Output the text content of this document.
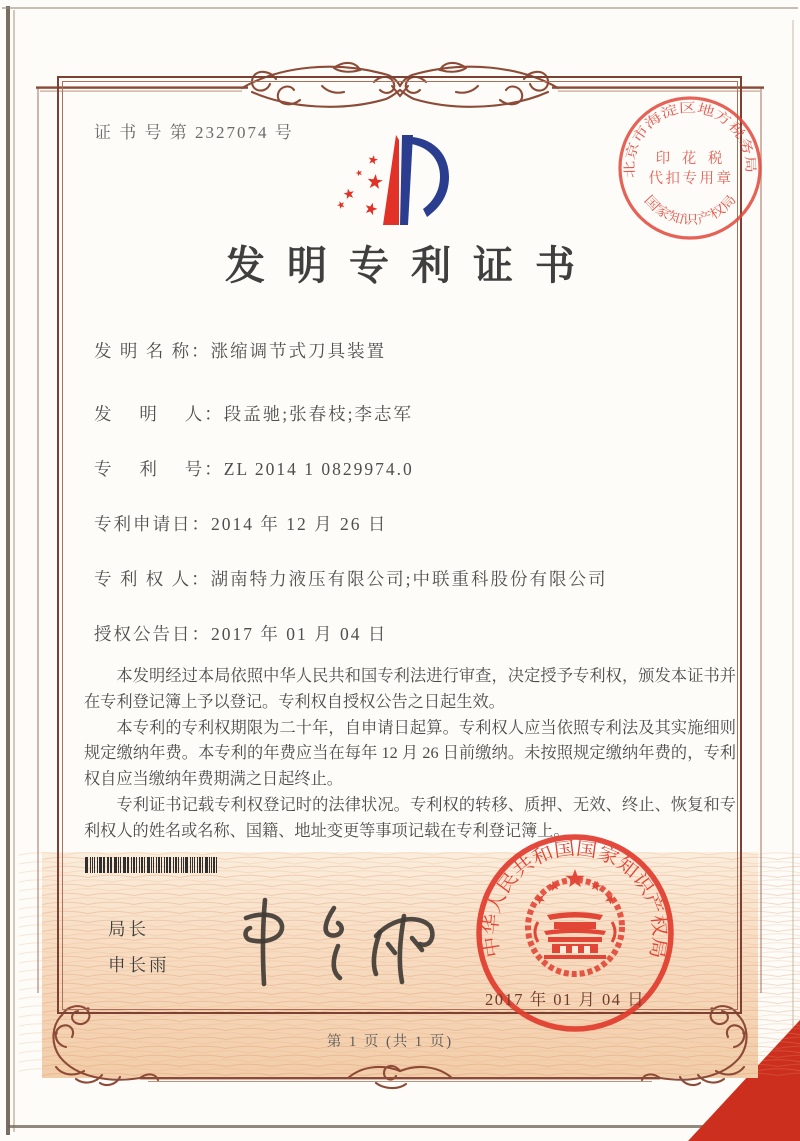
证 书 号 第 2327074 号
发明专利证书
发 明 名 称：涨缩调节式刀具装置
发　 明　 人：段孟驰;张春枝;李志军
专　 利　 号：ZL 2014 1 0829974.0
专利申请日：2014 年 12 月 26 日
专 利 权 人：湖南特力液压有限公司;中联重科股份有限公司
授权公告日：2017 年 01 月 04 日

本发明经过本局依照中华人民共和国专利法进行审查，决定授予专利权，颁发本证书并在专利登记簿上予以登记。专利权自授权公告之日起生效。

本专利的专利权期限为二十年，自申请日起算。专利权人应当依照专利法及其实施细则规定缴纳年费。本专利的年费应当在每年 12 月 26 日前缴纳。未按照规定缴纳年费的，专利权自应当缴纳年费期满之日起终止。

专利证书记载专利权登记时的法律状况。专利权的转移、质押、无效、终止、恢复和专利权人的姓名或名称、国籍、地址变更等事项记载在专利登记簿上。

局长
申长雨
中华人民共和国国家知识产权局
2017 年 01 月 04 日
北京市海淀区地方税务局
印 花 税
代扣专用章
国家知识产权局
第 1 页 (共 1 页)
